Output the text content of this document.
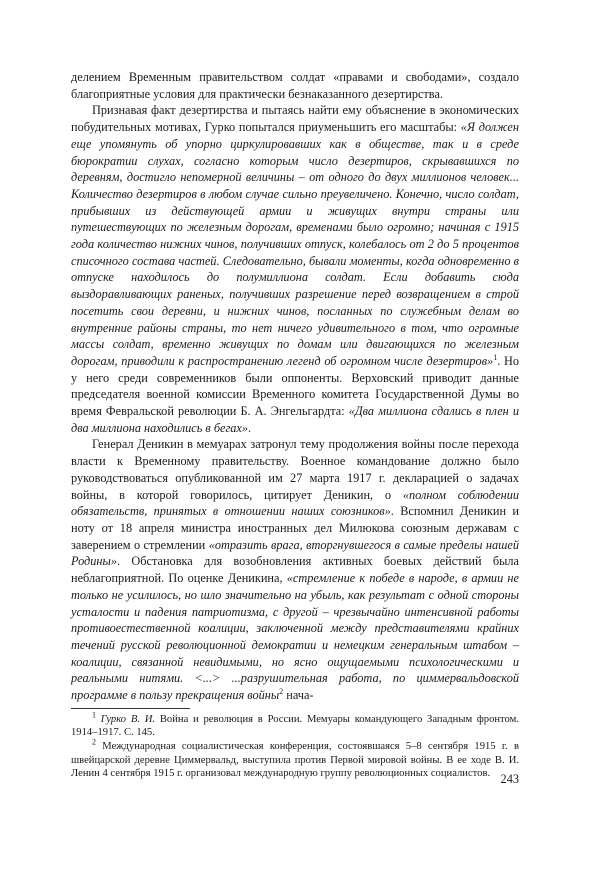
делением Временным правительством солдат «правами и свободами», создало благоприятные условия для практически безнаказанного дезертирства.

Признавая факт дезертирства и пытаясь найти ему объяснение в экономических побудительных мотивах, Гурко попытался приуменьшить его масштабы: «Я должен еще упомянуть об упорно циркулировавших как в обществе, так и в среде бюрократии слухах, согласно которым число дезертиров, скрывавшихся по деревням, достигло непомерной величины – от одного до двух миллионов человек... Количество дезертиров в любом случае сильно преувеличено. Конечно, число солдат, прибывших из действующей армии и живущих внутри страны или путешествующих по железным дорогам, временами было огромно; начиная с 1915 года количество нижних чинов, получивших отпуск, колебалось от 2 до 5 процентов списочного состава частей. Следовательно, бывали моменты, когда одновременно в отпуске находилось до полумиллиона солдат. Если добавить сюда выздоравливающих раненых, получивших разрешение перед возвращением в строй посетить свои деревни, и нижних чинов, посланных по служебным делам во внутренние районы страны, то нет ничего удивительного в том, что огромные массы солдат, временно живущих по домам или двигающихся по железным дорогам, приводили к распространению легенд об огромном числе дезертиров»$^1$. Но у него среди современников были оппоненты. Верховский приводит данные председателя военной комиссии Временного комитета Государственной Думы во время Февральской революции Б. А. Энгельгардта: «Два миллиона сдались в плен и два миллиона находились в бегах».

Генерал Деникин в мемуарах затронул тему продолжения войны после перехода власти к Временному правительству. Военное командование должно было руководствоваться опубликованной им 27 марта 1917 г. декларацией о задачах войны, в которой говорилось, цитирует Деникин, о «полном соблюдении обязательств, принятых в отношении наших союзников». Вспомнил Деникин и ноту от 18 апреля министра иностранных дел Милюкова союзным державам с заверением о стремлении «отразить врага, вторгнувшегося в самые пределы нашей Родины». Обстановка для возобновления активных боевых действий была неблагоприятной. По оценке Деникина, «стремление к победе в народе, в армии не только не усилилось, но шло значительно на убыль, как результат с одной стороны усталости и падения патриотизма, с другой – чрезвычайно интенсивной работы противоестественной коалиции, заключенной между представителями крайних течений русской революционной демократии и немецким генеральным штабом – коалиции, связанной невидимыми, но ясно ощущаемыми психологическими и реальными нитями. <...> ...разрушительная работа, по циммервальдовской программе в пользу прекращения войны$^2$ нача-

$^1$ Гурко В. И. Война и революция в России. Мемуары командующего Западным фронтом. 1914–1917. С. 145.

$^2$ Международная социалистическая конференция, состоявшаяся 5–8 сентября 1915 г. в швейцарской деревне Циммервальд, выступила против Первой мировой войны. В ее ходе В. И. Ленин 4 сентября 1915 г. организовал международную группу революционных социалистов. 243
